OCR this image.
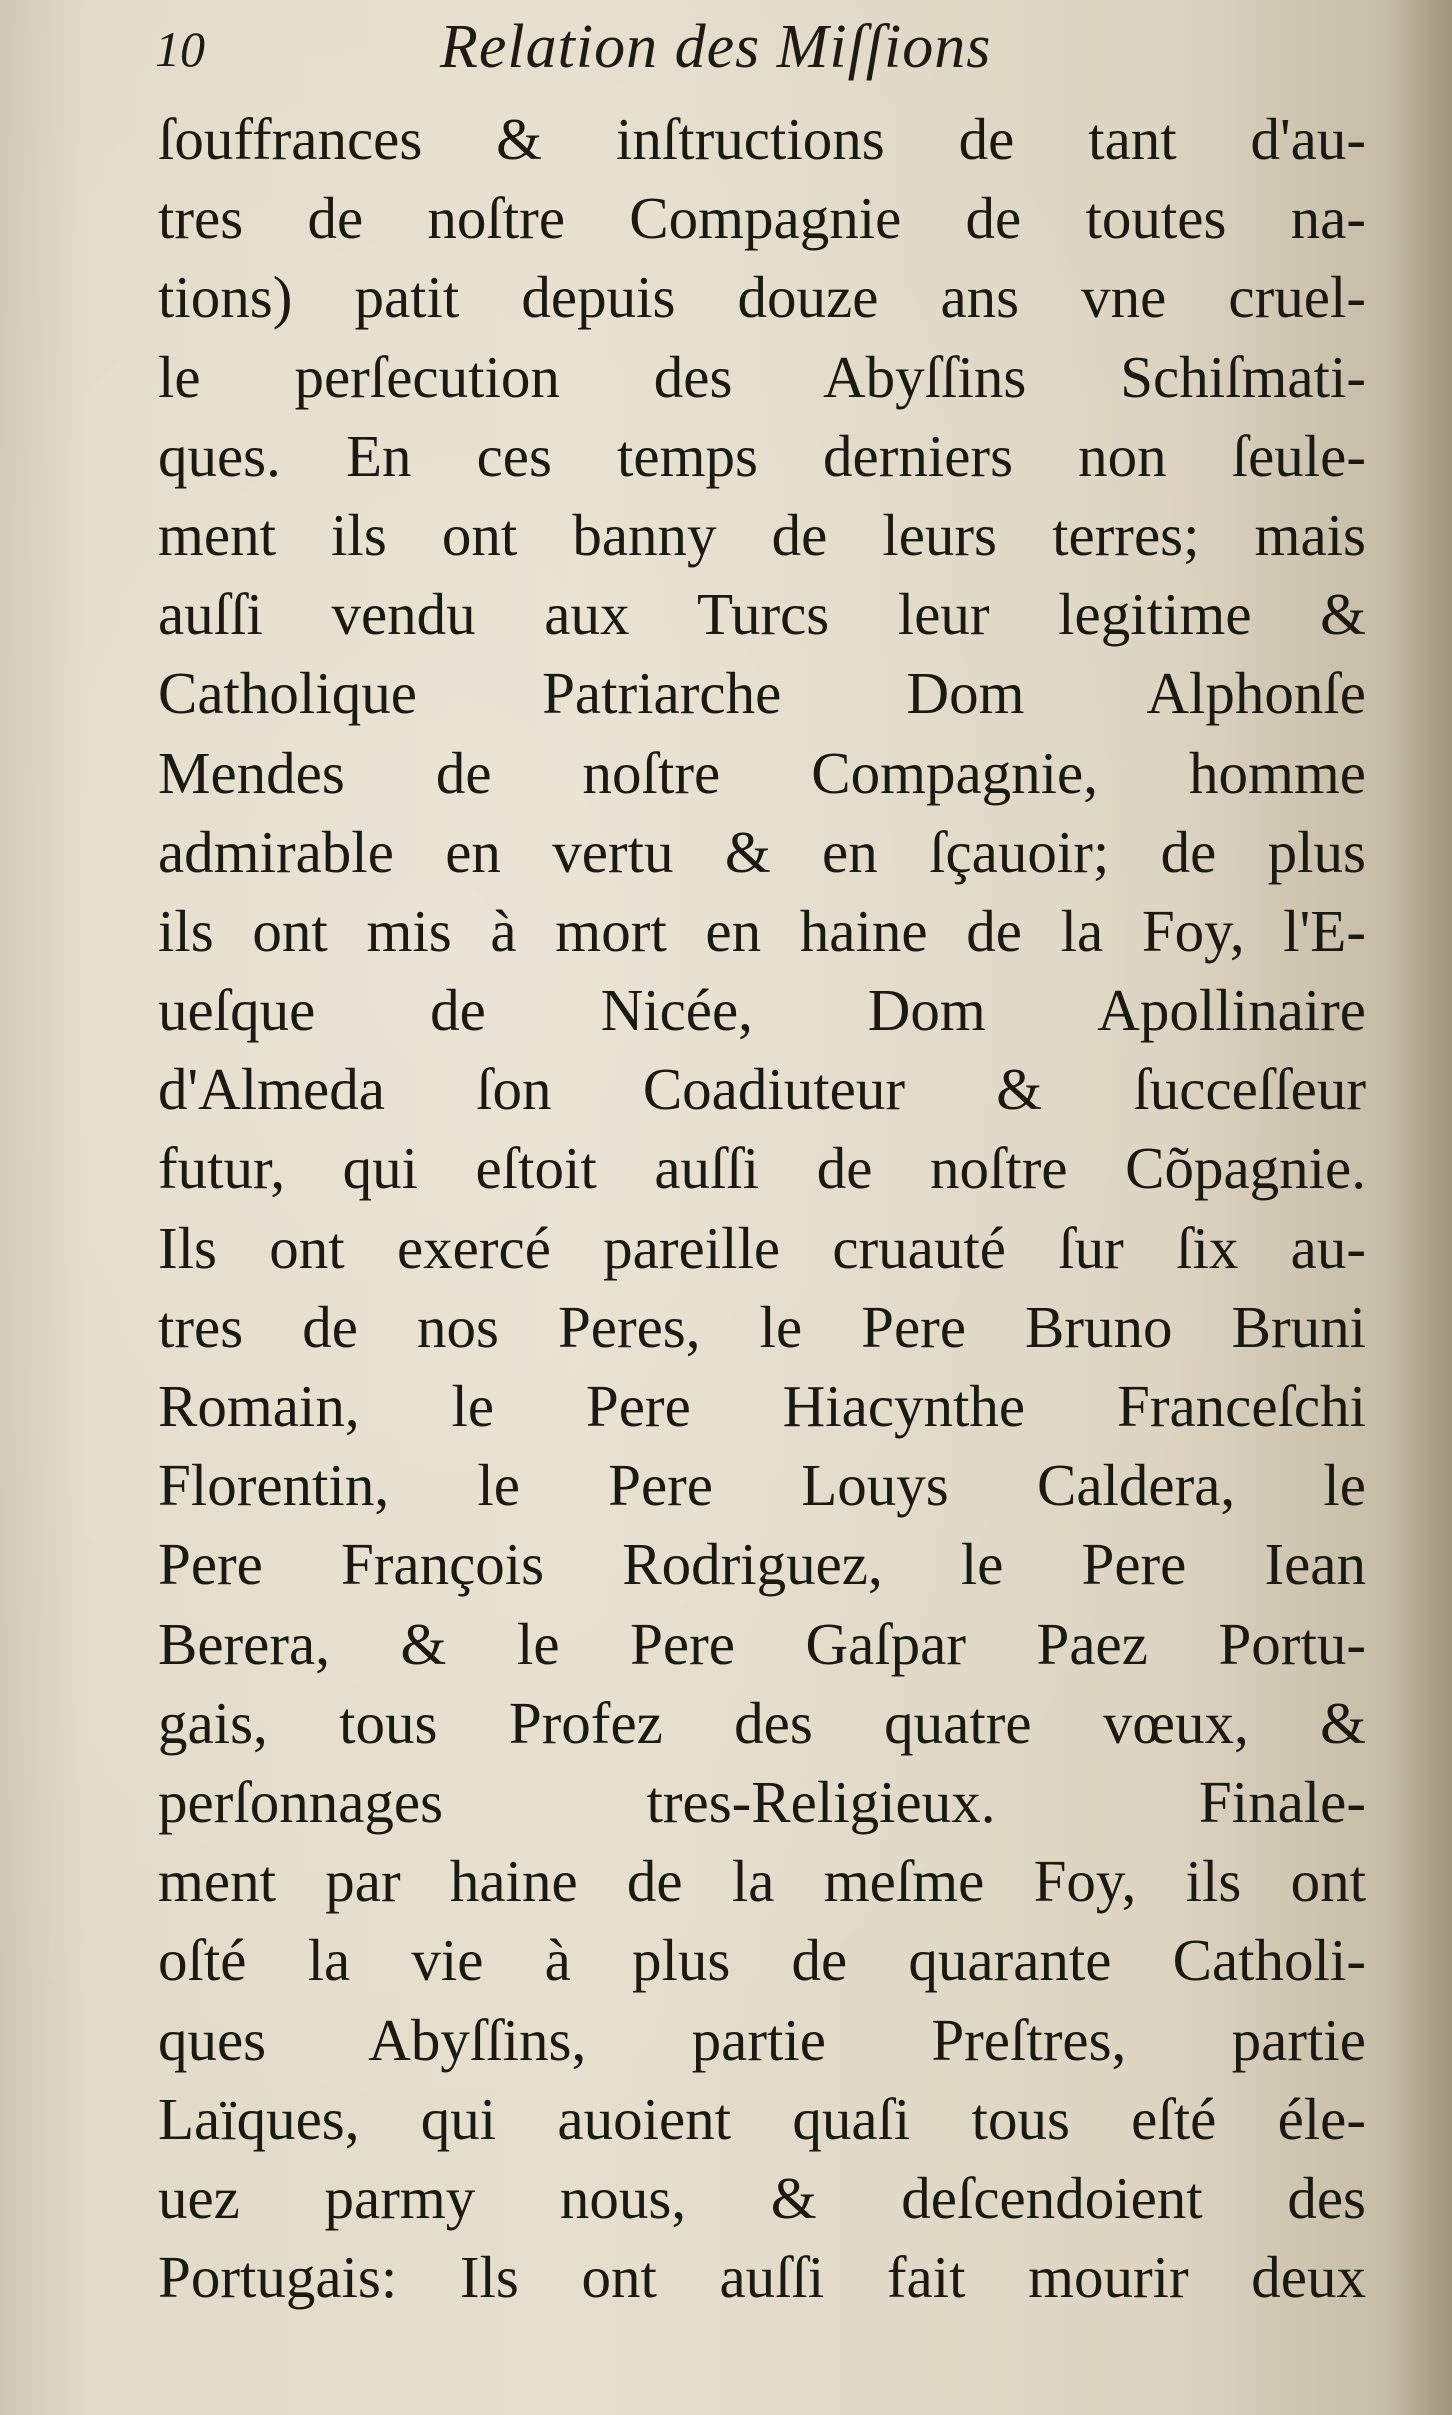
10	Relation des Miſſions
ſouffrances & inſtructions de tant d'au-
tres de noſtre Compagnie de toutes na-
tions) patit depuis douze ans vne cruel-
le perſecution des Abyſſins Schiſmati-
ques. En ces temps derniers non ſeule-
ment ils ont banny de leurs terres; mais
auſſi vendu aux Turcs leur legitime &
Catholique Patriarche Dom Alphonſe
Mendes de noſtre Compagnie, homme
admirable en vertu & en ſçauoir; de plus
ils ont mis à mort en haine de la Foy, l'E-
ueſque de Nicée, Dom Apollinaire
d'Almeda ſon Coadiuteur & ſucceſſeur
futur, qui eſtoit auſſi de noſtre Cõpagnie.
Ils ont exercé pareille cruauté ſur ſix au-
tres de nos Peres, le Pere Bruno Bruni
Romain, le Pere Hiacynthe Franceſchi
Florentin, le Pere Louys Caldera, le
Pere François Rodriguez, le Pere Iean
Berera, & le Pere Gaſpar Paez Portu-
gais, tous Profez des quatre vœux, &
perſonnages tres-Religieux. Finale-
ment par haine de la meſme Foy, ils ont
oſté la vie à plus de quarante Catholi-
ques Abyſſins, partie Preſtres, partie
Laïques, qui auoient quaſi tous eſté éle-
uez parmy nous, & deſcendoient des
Portugais: Ils ont auſſi fait mourir deux
